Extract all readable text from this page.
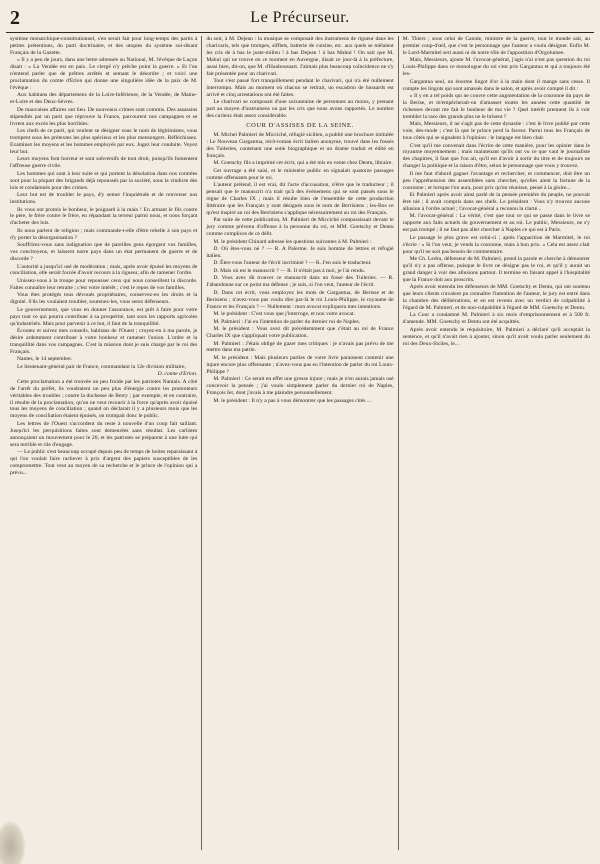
2	Le Précurseur.

système monarchique-constitutionnel, s'en serait fait pour long-temps des partis à petites prétentions, du parti doctrinaire, et des utopies du système soi-disant Français de la Gazette.

« Il y a peu de jours, dans une lettre adressée au National, M. l'évêque de Luçon disait : « La Vendée est en paix. Le clergé n'y prêche point la guerre. » Et l'on n'entend parler que de prêtres arrêtés et semant le désordre ; et voici une proclamation du comte d'Erlon qui donne une singulière idée de la paix de M. l'évêque :

Aux habitans des départemens de la Loire-Inférieure, de la Vendée, de Maine-et-Loire et des Deux-Sèvres.

De mauvaises affaires ont lieu. De nouveaux crimes sont commis. Des assassins stipendiés par un parti que réprouve la France, parcourent nos campagnes et se livrent aux excès les plus horribles.

Les chefs de ce parti, qui veulent se désigner sous le nom de légitimistes, vous trompent sous les prétextes les plus spécieux et les plus mensongers. Réfléchissez. Examinez les moyens et les hommes employés par eux. Jugez leur conduite. Voyez leur but.

Leurs moyens font horreur et sont subversifs de tout droit, puisqu'ils fomentent l'affreuse guerre civile.

Les hommes qui sont à leur suite et qui portent la désolation dans nos contrées sont pour la plupart des brigands déjà repoussés par la société, sous la vindicte des lois et condamnés pour des crimes.

Leur but est de troubler le pays, d'y semer l'inquiétude et de renverser nos institutions.

Ils vous ont promis le bonheur, le poignard à la main ! En armant le fils contre le père, le frère contre le frère, en répandant la terreur parmi nous, et nous forçant d'acheter des lois.

Ils nous parlent de religion ; mais commande-t-elle d'être rebelle à son pays et d'y porter la désorganisation ?

Souffrirez-vous sans indignation que de pareilles gens égorgent vos familles, vos concitoyens, et laissent notre pays dans un état permanent de guerre et de discorde ?

L'autorité a jusqu'ici usé de modération ; mais, après avoir épuisé les moyens de conciliation, elle serait forcée d'avoir recours à la rigueur, afin de ramener l'ordre.

Unissez-vous à la troupe pour repousser ceux qui nous conseillent la discorde. Faites connaître leur retraite ; c'est votre intérêt ; c'est le repos de vos familles.

Vous êtes protégés tous dévoués propriétaires, conservez-en les droits et la dignité. S'ils les voulaient troubler, soutenez-les, vous serez défenseurs.

Le gouvernement, que vous en donner l'assurance, est prêt à faire pour votre pays tout ce qui pourra contribuer à sa prospérité, tant sous les rapports agricoles qu'industriels. Mais pour parvenir à ce but, il faut de la tranquillité.

Écoutez et suivez mes conseils, habitans de l'Ouest ; croyez-en à ma parole, je désire ardemment contribuer à votre bonheur et ramener l'union. L'ordre et la tranquillité dans vos campagnes. C'est la mission dont je suis chargé par le roi des Français.

Nantes, le 14 septembre.

Le lieutenant-général pair de France, commandant la 12e division militaire,

D. comte d'Erlon.

Cette proclamation a été trouvée un peu froide par les patriotes Nantais. A côté de l'arrêt du préfet, ils voudraient un peu plus d'énergie contre les promoteurs véritables des troubles ; contre la duchesse de Berry ; par exemple, et en contraire, il résulte de la proclamation, qu'on ne veut recourir à la force qu'après avoir épuisé tous les moyens de conciliation ; quand on déclarait il y a plusieurs mois que les moyens de conciliation étaient épuisés, on trompait donc le public.

Les lettres de l'Ouest s'accordent du reste à nouvelle d'un coup fait saillant. Jusqu'ici les perquisitions faites sont demeurées sans résultat. Les carlistes annonçaient un mouvement pour le 20, et les patriotes se préparent à une lutte qui sera terrible et rile d'engage.

— Le public s'est beaucoup occupé depuis peu de temps de boites reparaissant à qui l'on voulait faire rachever à prix d'argent des papiers susceptibles de les compromettre. Tout veut au moyen de sa recherche et le prince de l'opinion qui a prévu...

du soir, à M. Dejean : la musique se composait des instrumens de rigueur dans les charivaris, tels que trompes, sifflets, batterie de cuisine, etc. aux quels se mêlaient les cris de à bas le juste-milieu ! à bas Dejean ! à bas Mahul ! On sait que M. Mahul qui ne trouve en ce moment en Auvergne, disait ce jour-là à la préfecture, aussi bien, dit-on, que M. d'Hauboussart. J'aimais plus beaucoup coïncidence ne s'y fait présentée pour un charivari.

Tout s'est passé fort tranquillement pendant le charivari, qui n'a été nullement interrompu. Mais au moment où chacun se retirait, un escadron de hussards est arrivé et cinq arrestations ont été faites.

Le charivari se composait d'une soixantaine de personnes au moins, y prenant part au moyen d'instrumens ou par les cris que nous avons rapportés. Le nombre des curieux était assez considérable.

COUR D'ASSISES DE LA SEINE.

M. Michel Palmieri de Micciché, réfugié sicilien, a publié une brochure intitulée : Le Nouveau Gargantua, récit-roman écrit italien anonyme, trouvé dans les fossés des Tuileries, contenant une sotie biographique et un drame traduit et édité en français.

M. Goetschy fils a imprimé cet écrit, qui a été mis en vente chez Dentu, libraire.

Cet ouvrage a été saisi, et le ministère public en signalait quatorze passages comme offensants pour le roi.

L'auteur prétend, il est vrai, dit l'acte d'accusation, n'être que le traducteur ; il pensait que le manuscrit n'a trait qu'à des événemens qui se sont passés sous le règne de Charles IX ; mais il résulte bien de l'ensemble de cette production littéraire que les Français y sont désignés sous le nom de Berrisiens ; les-Bos ce qu'est inspiré au roi des Berrisiens s'applique nécessairement au roi des Français.

Par suite de cette publication, M. Palmieri de Micciché comparaissait devant le jury comme prévenu d'offense à la personne du roi, et MM. Goetschy et Dentu comme complices de ce délit.

M. le président Chinard adresse les questions suivantes à M. Palmieri :

D. Où êtes-vous né ? — R. A Palerme. Je suis homme de lettres et réfugié italien.

D. Êtes-vous l'auteur de l'écrit incriminé ? — R. J'en suis le traducteur.

D. Mais où est le manuscrit ? — R. Il n'était pas à moi, je l'ai rendu.

D. Vous avez dû trouver ce manuscrit dans un fossé des Tuileries. — R. J'abandonne sur ce point ma défense ; je suis, si l'on veut, l'auteur de l'écrit.

D. Dans cet écrit, vous employez les mots de Gargantua, de Berisse et de Berisiens ; n'avez-vous pas voulu dire par-là le roi Louis-Philippe, le royaume de France et les Français ? — Nullement : mon avocat expliquera mes intentions.

M. le président : C'est vous que j'interroge, et non votre avocat.

M. Palmieri : J'ai eu l'intention de parler du dernier roi de Naples.

M. le président : Vous avez dit précédemment que c'était au roi de France Charles IX que s'appliquait votre publication.

M. Palmieri : J'étais obligé de gazer mes critiques : je n'avais pas prévu de me mettre dans ma patrie.

M. le président : Mais plusieurs parties de votre livre paraissent contenir une injure encore plus offensante ; n'avez-vous pas eu l'intention de parler du roi Louis-Philippe ?

M. Palmieri : Ce serait en effet une grosse injure ; mais je n'en aurais jamais osé concevoir la pensée ; j'ai voulu simplement parler du dernier roi de Naples, François Ier, dont j'avais à me plaindre personnellement.

M. le président : Il n'y a pas à vous démontrer que les passages cités ...

M. Thiers ; sous celui de Canule, ministre de la guerre, tout le monde sait, au premier coup-d'œil, que c'est le personnage que l'auteur a voulu désigner. Enfin M. le Lord-Marmitel sert aussi ni de notre rôle de l'apposition d'Orgolumee.

Mais, Messieurs, ajoute M. l'avocat-général, j'agis n'ai n'est pas question du roi Louis-Philippe dans ce monologue du roi s'est pris Gargantua et qui a toujours été les-

Gargantua seul, un énorme lingot d'or à la main dont il mange sans cesse. Il compte les lingots qui sont amassés dans le salon, et après avoir compté il dit :

« Il y en a tel poids qui ne couvre cette augmentation de la couronne du pays de la Berise, et m'empêcherait-on d'amasser toutes les années cette quantité de richesses devant me fait le bonheur de ma vie ? Quel intérêt prennent ils à voir trembler la race des grands plus ne le brisent ?

Mais, Messieurs, il ne s'agit pas de cette dynastie : c'est le livre publié par cette voie, des-mode ; c'est là que le prince perd la faveur. Parmi tous les Français de tous côtés qui se signalent à l'opinion : le langage est bien clair.

C'est qu'il me convenait dans l'écrire de cette manière, pour les opinier dans le royaume moyennement ; mais maintenant qu'ils ont vu ce que vaut le journaliste des chapitres, il faut que l'on ait, qu'il est d'avoir à sortir du titre et de toujours ne changer la politique et la raison d'être, selon le personnage que vous y trouvez.

Il me faut d'abord gagner l'avantage et rechercher, et commencer, doit être un peu l'appréhension des assemblées sans chercher, qu'elles aient la fortune de la couronne ; et lorsque l'on aura, pour prix qu'on réunisse, pensé à la gloire...

Et Palmieri après avoir ainsi parlé de la pensée première du peuple, ne pouvait être nié ; il avait compris dans ses chefs. Le président : Vous n'y trouvez aucune allusion à l'ordre actuel ; l'avocat-général a reconnu la clarté...

M. l'avocat-général : La vérité, c'est que tout ce qui se passe dans le livre se rapporte aux faits actuels du gouvernement et au roi. Le public, Messieurs, ne s'y est pas trompé ; il ne faut pas aller chercher à Naples ce qui est à Paris.

Le passage le plus grave est celui-ci ; après l'apparition de Marmitel, le roi s'écrie : « Si l'on veut, je vends la couronne, mais à bon prix. » Cela est assez clair pour qu'il ne soit pas besoin de commentaire.

Me Ch. Ledru, défenseur de M. Palmieri, prend la parole et cherche à démontrer qu'il n'y a pas offense, puisque le livre ne désigne pas le roi, et qu'il y aurait un grand danger à voir des allusions partout. Il termine en faisant appel à l'hospitalité que la France doit aux proscrits.

Après avoir entendu les défenseurs de MM. Goetschy et Dentu, qui ont soutenu que leurs clients n'avaient pu connaître l'intention de l'auteur, le jury est entré dans la chambre des délibérations, et en est revenu avec un verdict de culpabilité à l'égard de M. Palmieri, et de non-culpabilité à l'égard de MM. Goetschy et Dentu.

La Cour a condamné M. Palmieri à six mois d'emprisonnement et à 500 fr. d'amende. MM. Goetschy et Dentu ont été acquittés.

Après avoir entendu le réquisitoire, M. Palmieri a déclaré qu'il acceptait la sentence, et qu'il n'avait rien à ajouter, sinon qu'il avait voulu parler seulement du roi des Deux-Siciles, le...
